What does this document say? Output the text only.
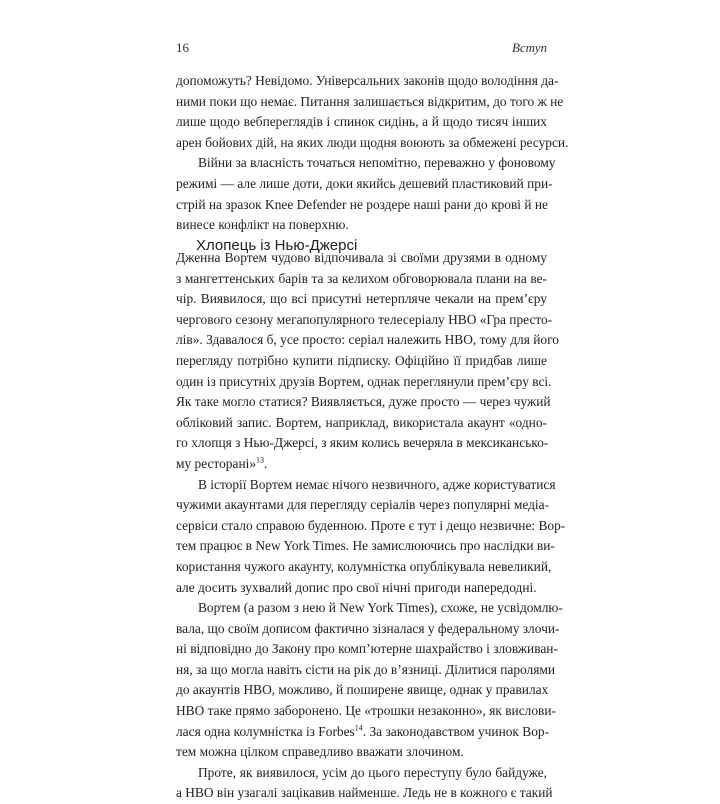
16	Вступ
допоможуть? Невідомо. Універсальних законів щодо володіння да-
ними поки що немає. Питання залишається відкритим, до того ж не
лише щодо вебпереглядів і спинок сидінь, а й щодо тисяч інших
арен бойових дій, на яких люди щодня воюють за обмежені ресурси.
Війни за власність точаться непомітно, переважно у фоновому
режимі — але лише доти, доки якийсь дешевий пластиковий при-
стрій на зразок Knee Defender не роздере наші рани до крові й не
винесе конфлікт на поверхню.
Хлопець із Нью-Джерсі
Дженна Вортем чудово відпочивала зі своїми друзями в одному
з мангеттенських барів та за келихом обговорювала плани на ве-
чір. Виявилося, що всі присутні нетерпляче чекали на прем’єру
чергового сезону мегапопулярного телесеріалу HBO «Гра престо-
лів». Здавалося б, усе просто: серіал належить HBO, тому для його
перегляду потрібно купити підписку. Офіційно її придбав лише
один із присутніх друзів Вортем, однак переглянули прем’єру всі.
Як таке могло статися? Виявляється, дуже просто — через чужий
обліковий запис. Вортем, наприклад, використала акаунт «одно-
го хлопця з Нью-Джерсі, з яким колись вечеряла в мексикансько-
му ресторані»$^{13}$.
В історії Вортем немає нічого незвичного, адже користуватися
чужими акаунтами для перегляду серіалів через популярні медіа-
сервіси стало справою буденною. Проте є тут і дещо незвичне: Вор-
тем працює в New York Times. Не замислюючись про наслідки ви-
користання чужого акаунту, колумністка опублікувала невеликий,
але досить зухвалий допис про свої нічні пригоди напередодні.
Вортем (а разом з нею й New York Times), схоже, не усвідомлю-
вала, що своїм дописом фактично зізналася у федеральному злочи-
ні відповідно до Закону про комп’ютерне шахрайство і зловживан-
ня, за що могла навіть сісти на рік до в’язниці. Ділитися паролями
до акаунтів HBO, можливо, й поширене явище, однак у правилах
HBO таке прямо заборонено. Це «трошки незаконно», як вислови-
лася одна колумністка із Forbes$^{14}$. За законодавством учинок Вор-
тем можна цілком справедливо вважати злочином.
Проте, як виявилося, усім до цього переступу було байдуже,
а HBO він узагалі зацікавив найменше. Ледь не в кожного є такий
